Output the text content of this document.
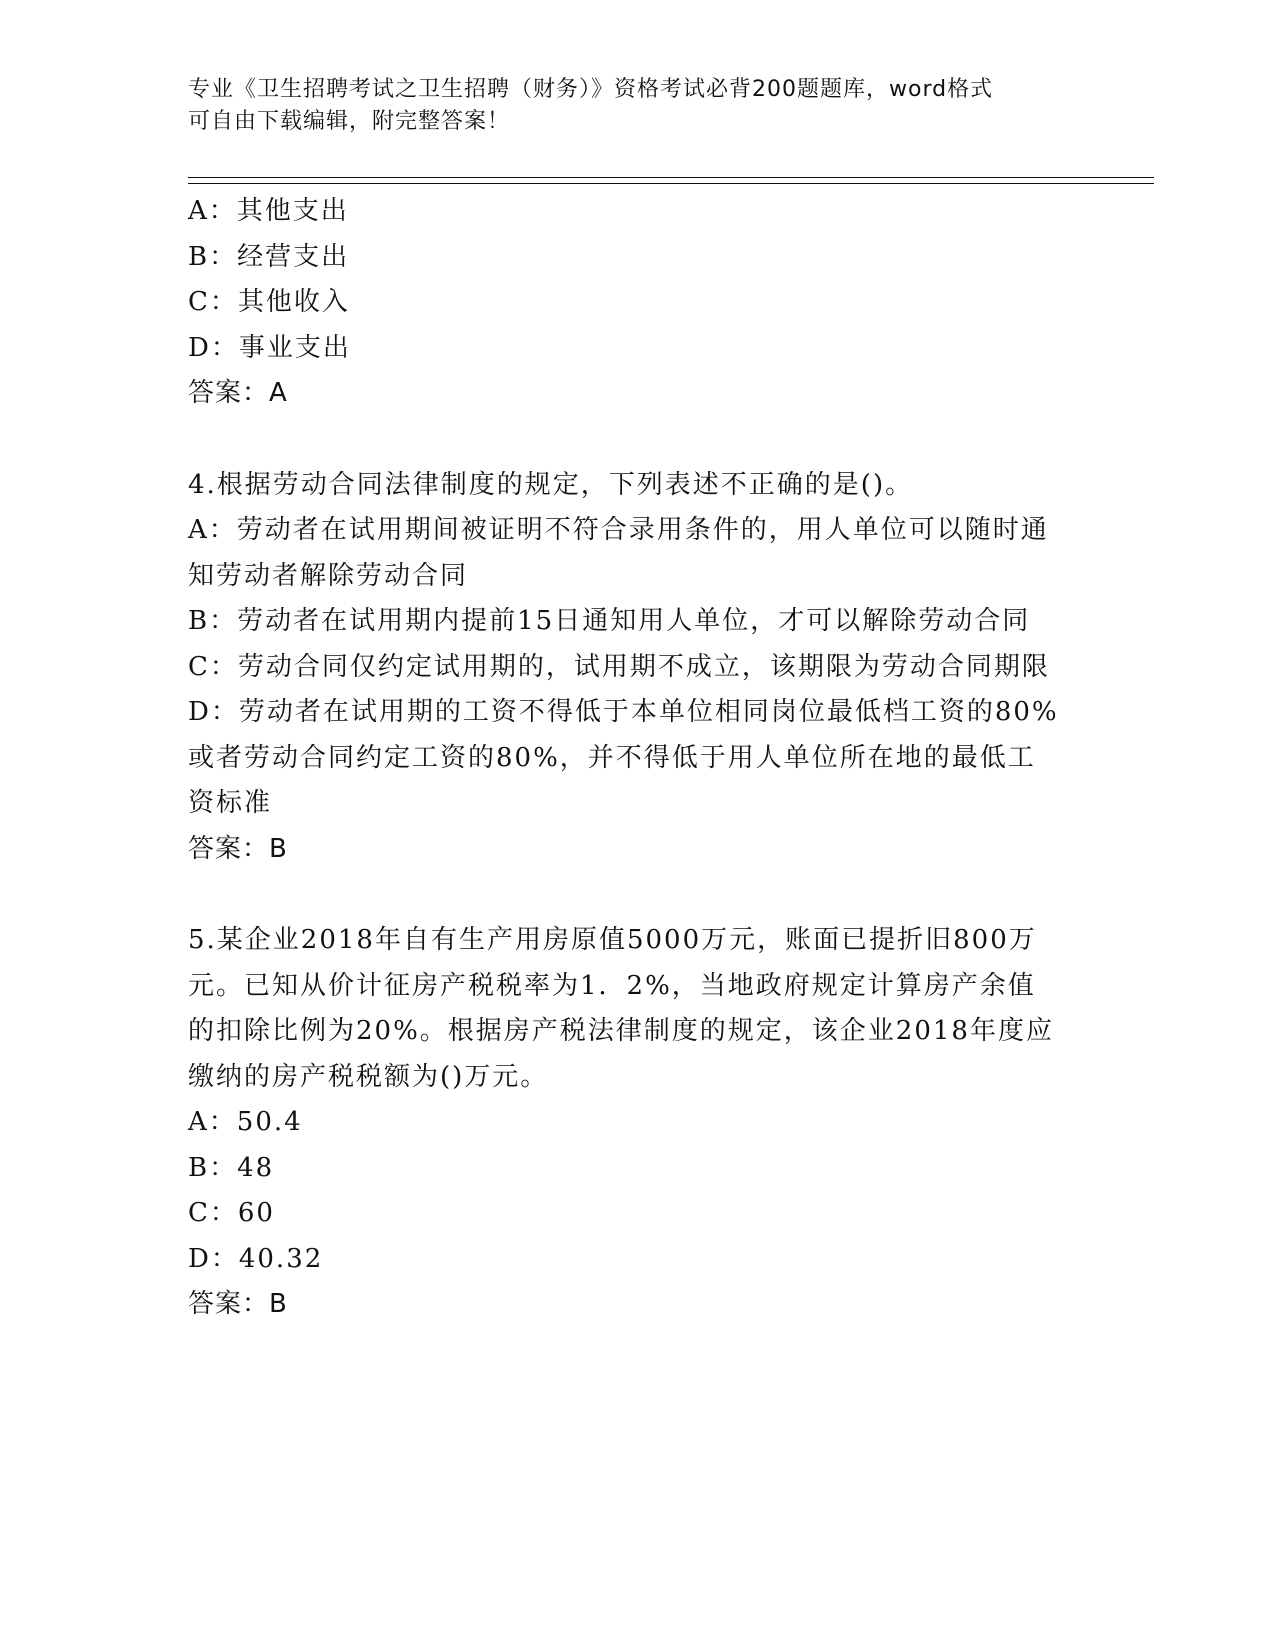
专业《卫生招聘考试之卫生招聘（财务）》资格考试必背200题题库，word格式
可自由下载编辑，附完整答案！
A：其他支出
B：经营支出
C：其他收入
D：事业支出
答案：A
4.根据劳动合同法律制度的规定，下列表述不正确的是()。
A：劳动者在试用期间被证明不符合录用条件的，用人单位可以随时通
知劳动者解除劳动合同
B：劳动者在试用期内提前15日通知用人单位，才可以解除劳动合同
C：劳动合同仅约定试用期的，试用期不成立，该期限为劳动合同期限
D：劳动者在试用期的工资不得低于本单位相同岗位最低档工资的80%
或者劳动合同约定工资的80%，并不得低于用人单位所在地的最低工
资标准
答案：B
5.某企业2018年自有生产用房原值5000万元，账面已提折旧800万
元。已知从价计征房产税税率为1．2%，当地政府规定计算房产余值
的扣除比例为20%。根据房产税法律制度的规定，该企业2018年度应
缴纳的房产税税额为()万元。
A：50.4
B：48
C：60
D：40.32
答案：B
